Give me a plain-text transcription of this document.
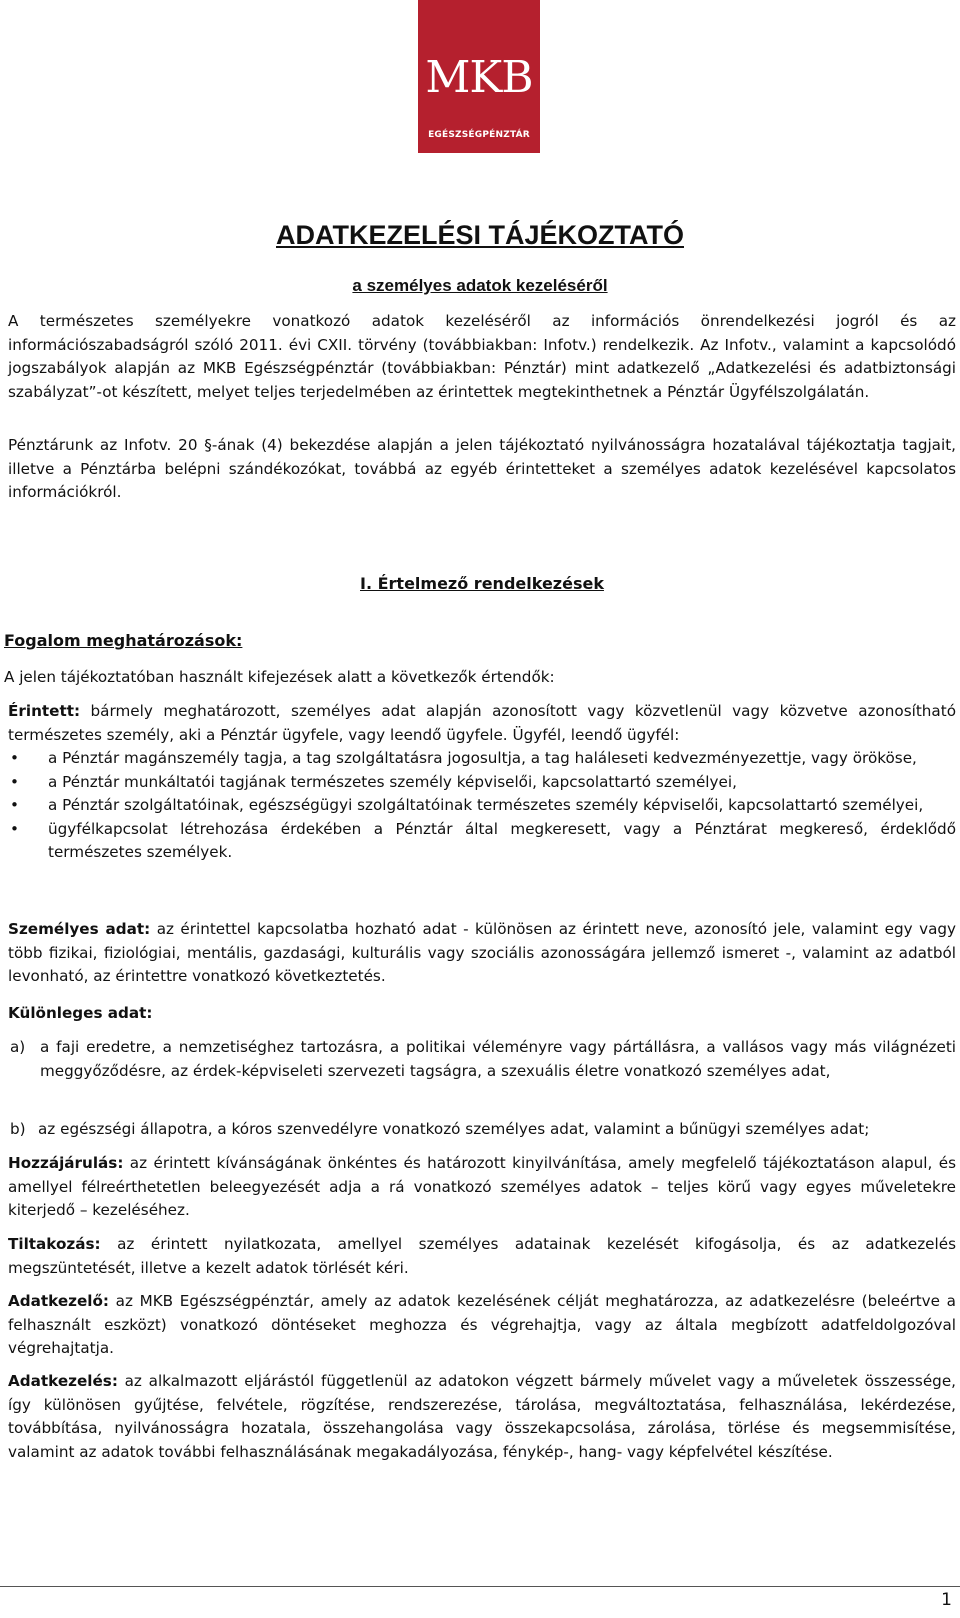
MKB
EGÉSZSÉGPÉNZTÁR
ADATKEZELÉSI TÁJÉKOZTATÓ
a személyes adatok kezeléséről

A természetes személyekre vonatkozó adatok kezeléséről az információs önrendelkezési jogról és az információszabadságról szóló 2011. évi CXII. törvény (továbbiakban: Infotv.) rendelkezik. Az Infotv., valamint a kapcsolódó jogszabályok alapján az MKB Egészségpénztár (továbbiakban: Pénztár) mint adatkezelő „Adatkezelési és adatbiztonsági szabályzat”-ot készített, melyet teljes terjedelmében az érintettek megtekinthetnek a Pénztár Ügyfélszolgálatán.

Pénztárunk az Infotv. 20 §-ának (4) bekezdése alapján a jelen tájékoztató nyilvánosságra hozatalával tájékoztatja tagjait, illetve a Pénztárba belépni szándékozókat, továbbá az egyéb érintetteket a személyes adatok kezelésével kapcsolatos információkról.

I. Értelmező rendelkezések
Fogalom meghatározások:

A jelen tájékoztatóban használt kifejezések alatt a következők értendők:

Érintett: bármely meghatározott, személyes adat alapján azonosított vagy közvetlenül vagy közvetve azonosítható természetes személy, aki a Pénztár ügyfele, vagy leendő ügyfele. Ügyfél, leendő ügyfél:

• a Pénztár magánszemély tagja, a tag szolgáltatásra jogosultja, a tag haláleseti kedvezményezettje, vagy örököse,
• a Pénztár munkáltatói tagjának természetes személy képviselői, kapcsolattartó személyei,
• a Pénztár szolgáltatóinak, egészségügyi szolgáltatóinak természetes személy képviselői, kapcsolattartó személyei,
• ügyfélkapcsolat létrehozása érdekében a Pénztár által megkeresett, vagy a Pénztárat megkereső, érdeklődő természetes személyek.

Személyes adat: az érintettel kapcsolatba hozható adat - különösen az érintett neve, azonosító jele, valamint egy vagy több fizikai, fiziológiai, mentális, gazdasági, kulturális vagy szociális azonosságára jellemző ismeret -, valamint az adatból levonható, az érintettre vonatkozó következtetés.

Különleges adat:

a) a faji eredetre, a nemzetiséghez tartozásra, a politikai véleményre vagy pártállásra, a vallásos vagy más világnézeti meggyőződésre, az érdek-képviseleti szervezeti tagságra, a szexuális életre vonatkozó személyes adat,
b) az egészségi állapotra, a kóros szenvedélyre vonatkozó személyes adat, valamint a bűnügyi személyes adat;

Hozzájárulás: az érintett kívánságának önkéntes és határozott kinyilvánítása, amely megfelelő tájékoztatáson alapul, és amellyel félreérthetetlen beleegyezését adja a rá vonatkozó személyes adatok – teljes körű vagy egyes műveletekre kiterjedő – kezeléséhez.

Tiltakozás: az érintett nyilatkozata, amellyel személyes adatainak kezelését kifogásolja, és az adatkezelés megszüntetését, illetve a kezelt adatok törlését kéri.

Adatkezelő: az MKB Egészségpénztár, amely az adatok kezelésének célját meghatározza, az adatkezelésre (beleértve a felhasznált eszközt) vonatkozó döntéseket meghozza és végrehajtja, vagy az általa megbízott adatfeldolgozóval végrehajtatja.

Adatkezelés: az alkalmazott eljárástól függetlenül az adatokon végzett bármely művelet vagy a műveletek összessége, így különösen gyűjtése, felvétele, rögzítése, rendszerezése, tárolása, megváltoztatása, felhasználása, lekérdezése, továbbítása, nyilvánosságra hozatala, összehangolása vagy összekapcsolása, zárolása, törlése és megsemmisítése, valamint az adatok további felhasználásának megakadályozása, fénykép-, hang- vagy képfelvétel készítése.

1
